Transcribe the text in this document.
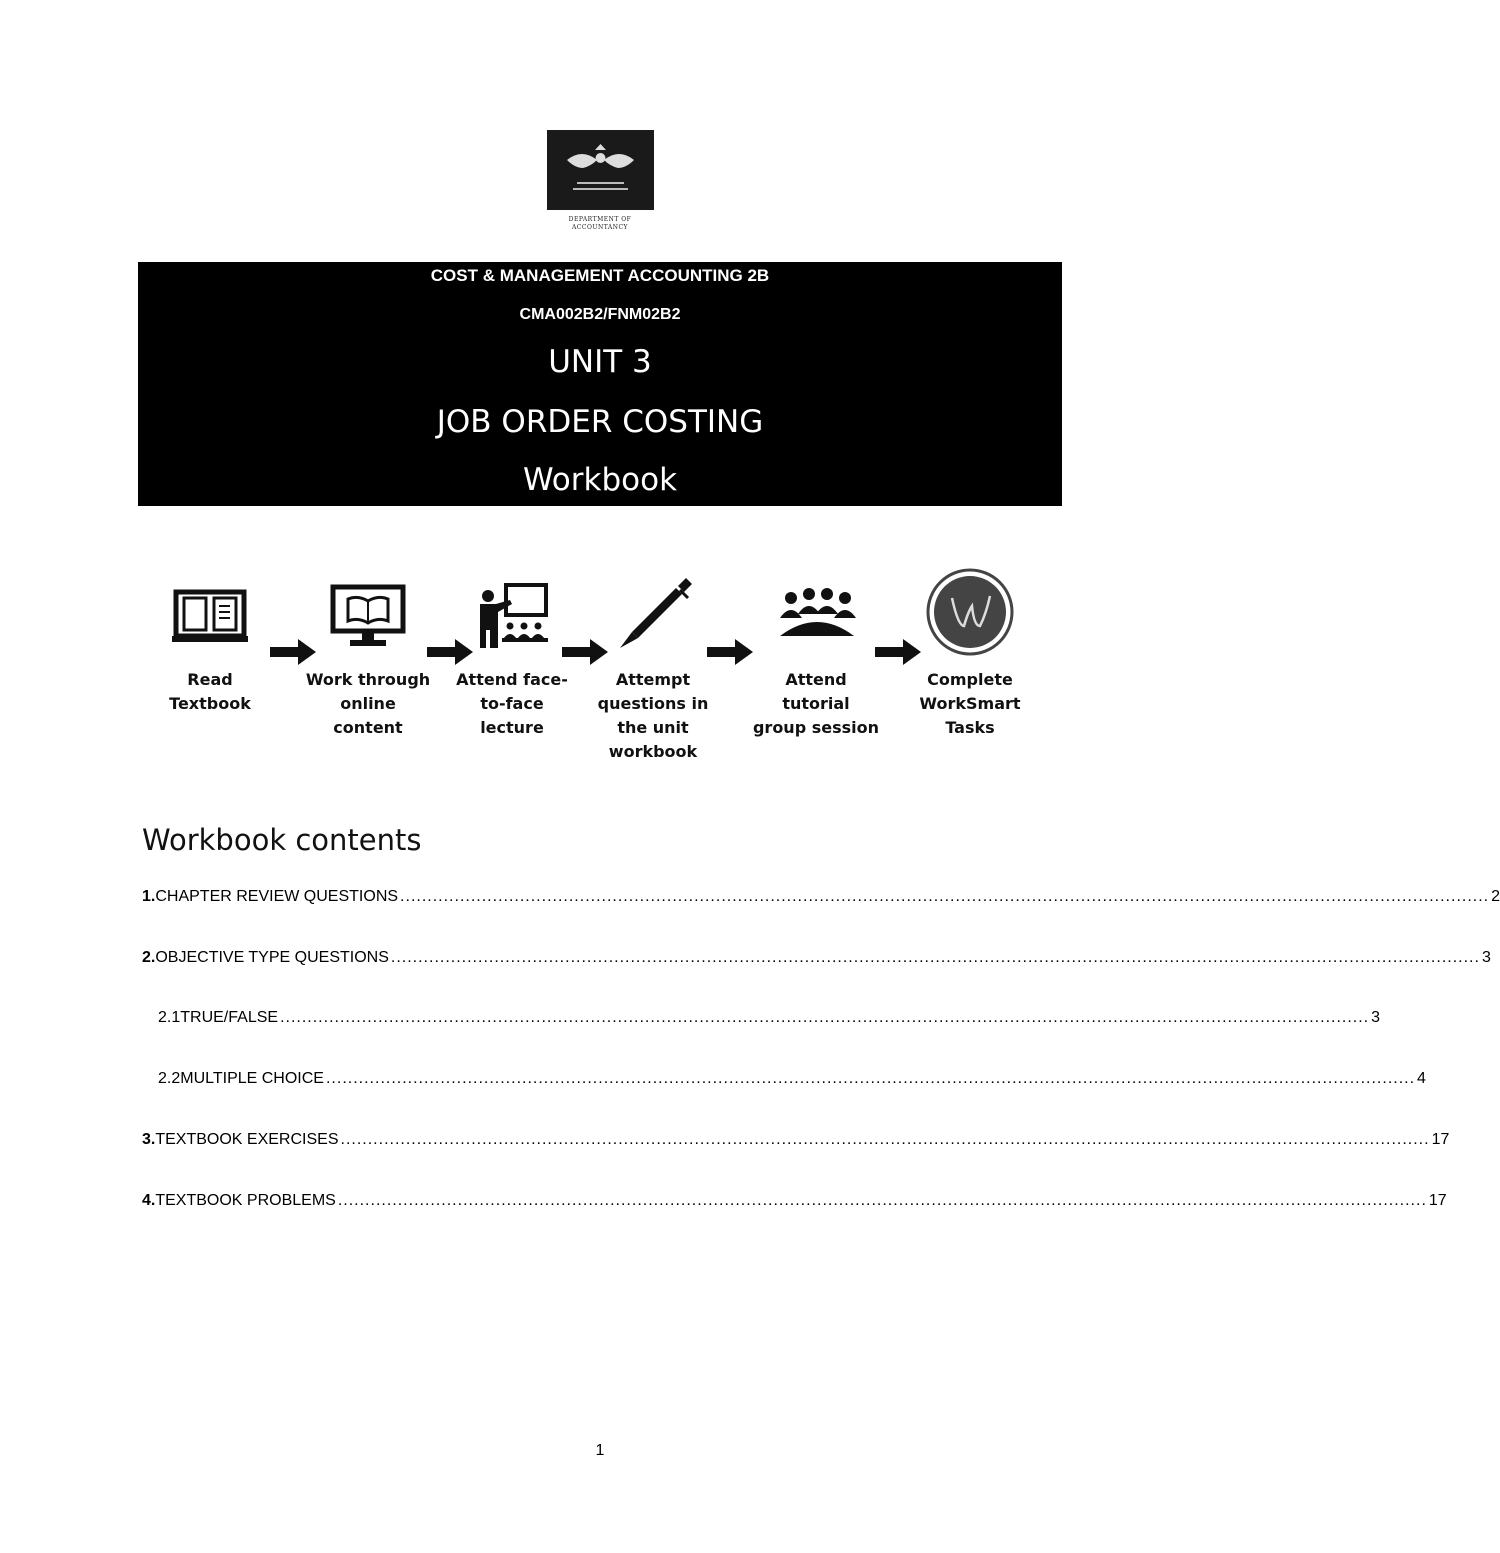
DEPARTMENT OF ACCOUNTANCY
COST & MANAGEMENT ACCOUNTING 2B
CMA002B2/FNM02B2
UNIT 3
JOB ORDER COSTING
Workbook
Read
Textbook
Work through
online
content
Attend face-
to-face
lecture
Attempt
questions in
the unit
workbook
Attend
tutorial
group session
Complete
WorkSmart
Tasks
Workbook contents
1. CHAPTER REVIEW QUESTIONS ........................................................................................................................................................................................................ 2
2. OBJECTIVE TYPE QUESTIONS ........................................................................................................................................................................................................ 3
2.1 TRUE/FALSE ........................................................................................................................................................................................................ 3
2.2 MULTIPLE CHOICE ........................................................................................................................................................................................................ 4
3. TEXTBOOK EXERCISES ........................................................................................................................................................................................................ 17
4. TEXTBOOK PROBLEMS ........................................................................................................................................................................................................ 17
1
